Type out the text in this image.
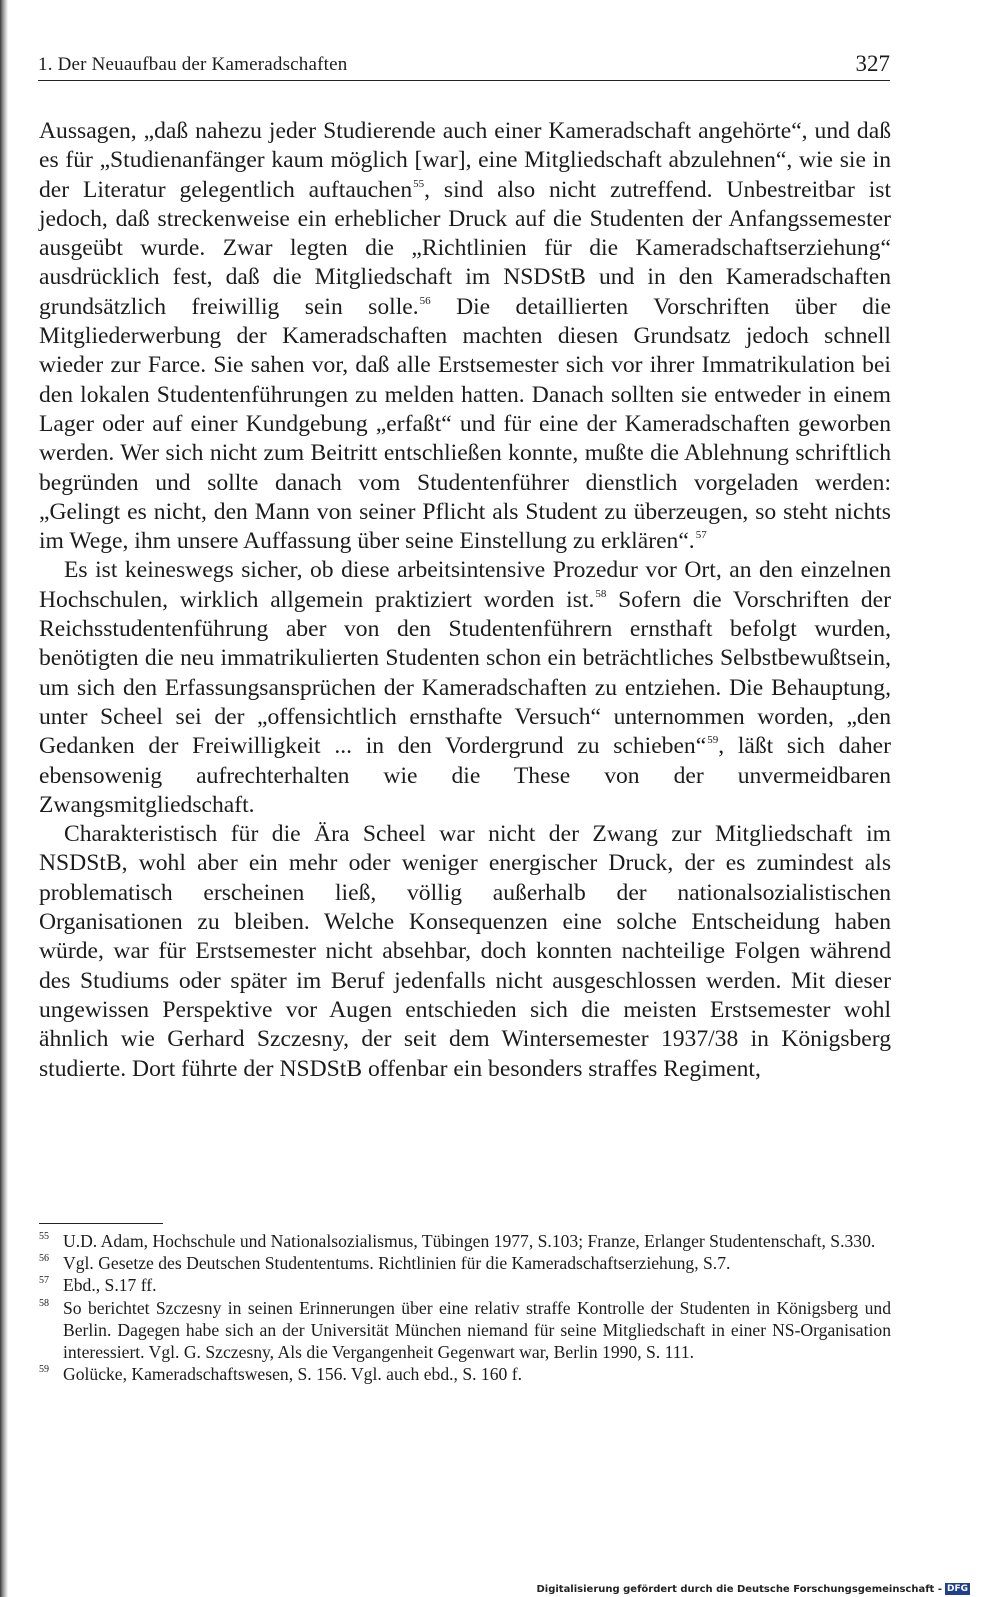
1. Der Neuaufbau der Kameradschaften	327

Aussagen, „daß nahezu jeder Studierende auch einer Kameradschaft angehörte“, und daß es für „Studienanfänger kaum möglich [war], eine Mitgliedschaft abzulehnen“, wie sie in der Literatur gelegentlich auftauchen$^{55}$, sind also nicht zutreffend. Unbestreitbar ist jedoch, daß streckenweise ein erheblicher Druck auf die Studenten der Anfangssemester ausgeübt wurde. Zwar legten die „Richtlinien für die Kameradschaftserziehung“ ausdrücklich fest, daß die Mitgliedschaft im NSDStB und in den Kameradschaften grundsätzlich freiwillig sein solle.$^{56}$ Die detaillierten Vorschriften über die Mitgliederwerbung der Kameradschaften machten diesen Grundsatz jedoch schnell wieder zur Farce. Sie sahen vor, daß alle Erstsemester sich vor ihrer Immatrikulation bei den lokalen Studentenführungen zu melden hatten. Danach sollten sie entweder in einem Lager oder auf einer Kundgebung „erfaßt“ und für eine der Kameradschaften geworben werden. Wer sich nicht zum Beitritt entschließen konnte, mußte die Ablehnung schriftlich begründen und sollte danach vom Studentenführer dienstlich vorgeladen werden: „Gelingt es nicht, den Mann von seiner Pflicht als Student zu überzeugen, so steht nichts im Wege, ihm unsere Auffassung über seine Einstellung zu erklären“.$^{57}$

Es ist keineswegs sicher, ob diese arbeitsintensive Prozedur vor Ort, an den einzelnen Hochschulen, wirklich allgemein praktiziert worden ist.$^{58}$ Sofern die Vorschriften der Reichsstudentenführung aber von den Studentenführern ernsthaft befolgt wurden, benötigten die neu immatrikulierten Studenten schon ein beträchtliches Selbstbewußtsein, um sich den Erfassungsansprüchen der Kameradschaften zu entziehen. Die Behauptung, unter Scheel sei der „offensichtlich ernsthafte Versuch“ unternommen worden, „den Gedanken der Freiwilligkeit ... in den Vordergrund zu schieben“$^{59}$, läßt sich daher ebensowenig aufrechterhalten wie die These von der unvermeidbaren Zwangsmitgliedschaft.

Charakteristisch für die Ära Scheel war nicht der Zwang zur Mitgliedschaft im NSDStB, wohl aber ein mehr oder weniger energischer Druck, der es zumindest als problematisch erscheinen ließ, völlig außerhalb der nationalsozialistischen Organisationen zu bleiben. Welche Konsequenzen eine solche Entscheidung haben würde, war für Erstsemester nicht absehbar, doch konnten nachteilige Folgen während des Studiums oder später im Beruf jedenfalls nicht ausgeschlossen werden. Mit dieser ungewissen Perspektive vor Augen entschieden sich die meisten Erstsemester wohl ähnlich wie Gerhard Szczesny, der seit dem Wintersemester 1937/38 in Königsberg studierte. Dort führte der NSDStB offenbar ein besonders straffes Regiment,

55 U.D. Adam, Hochschule und Nationalsozialismus, Tübingen 1977, S.103; Franze, Erlanger Studentenschaft, S.330.
56 Vgl. Gesetze des Deutschen Studententums. Richtlinien für die Kameradschaftserziehung, S.7.
57 Ebd., S.17 ff.
58 So berichtet Szczesny in seinen Erinnerungen über eine relativ straffe Kontrolle der Studenten in Königsberg und Berlin. Dagegen habe sich an der Universität München niemand für seine Mitgliedschaft in einer NS-Organisation interessiert. Vgl. G. Szczesny, Als die Vergangenheit Gegenwart war, Berlin 1990, S. 111.
59 Golücke, Kameradschaftswesen, S. 156. Vgl. auch ebd., S. 160 f.
Digitalisierung gefördert durch die Deutsche Forschungsgemeinschaft - DFG
